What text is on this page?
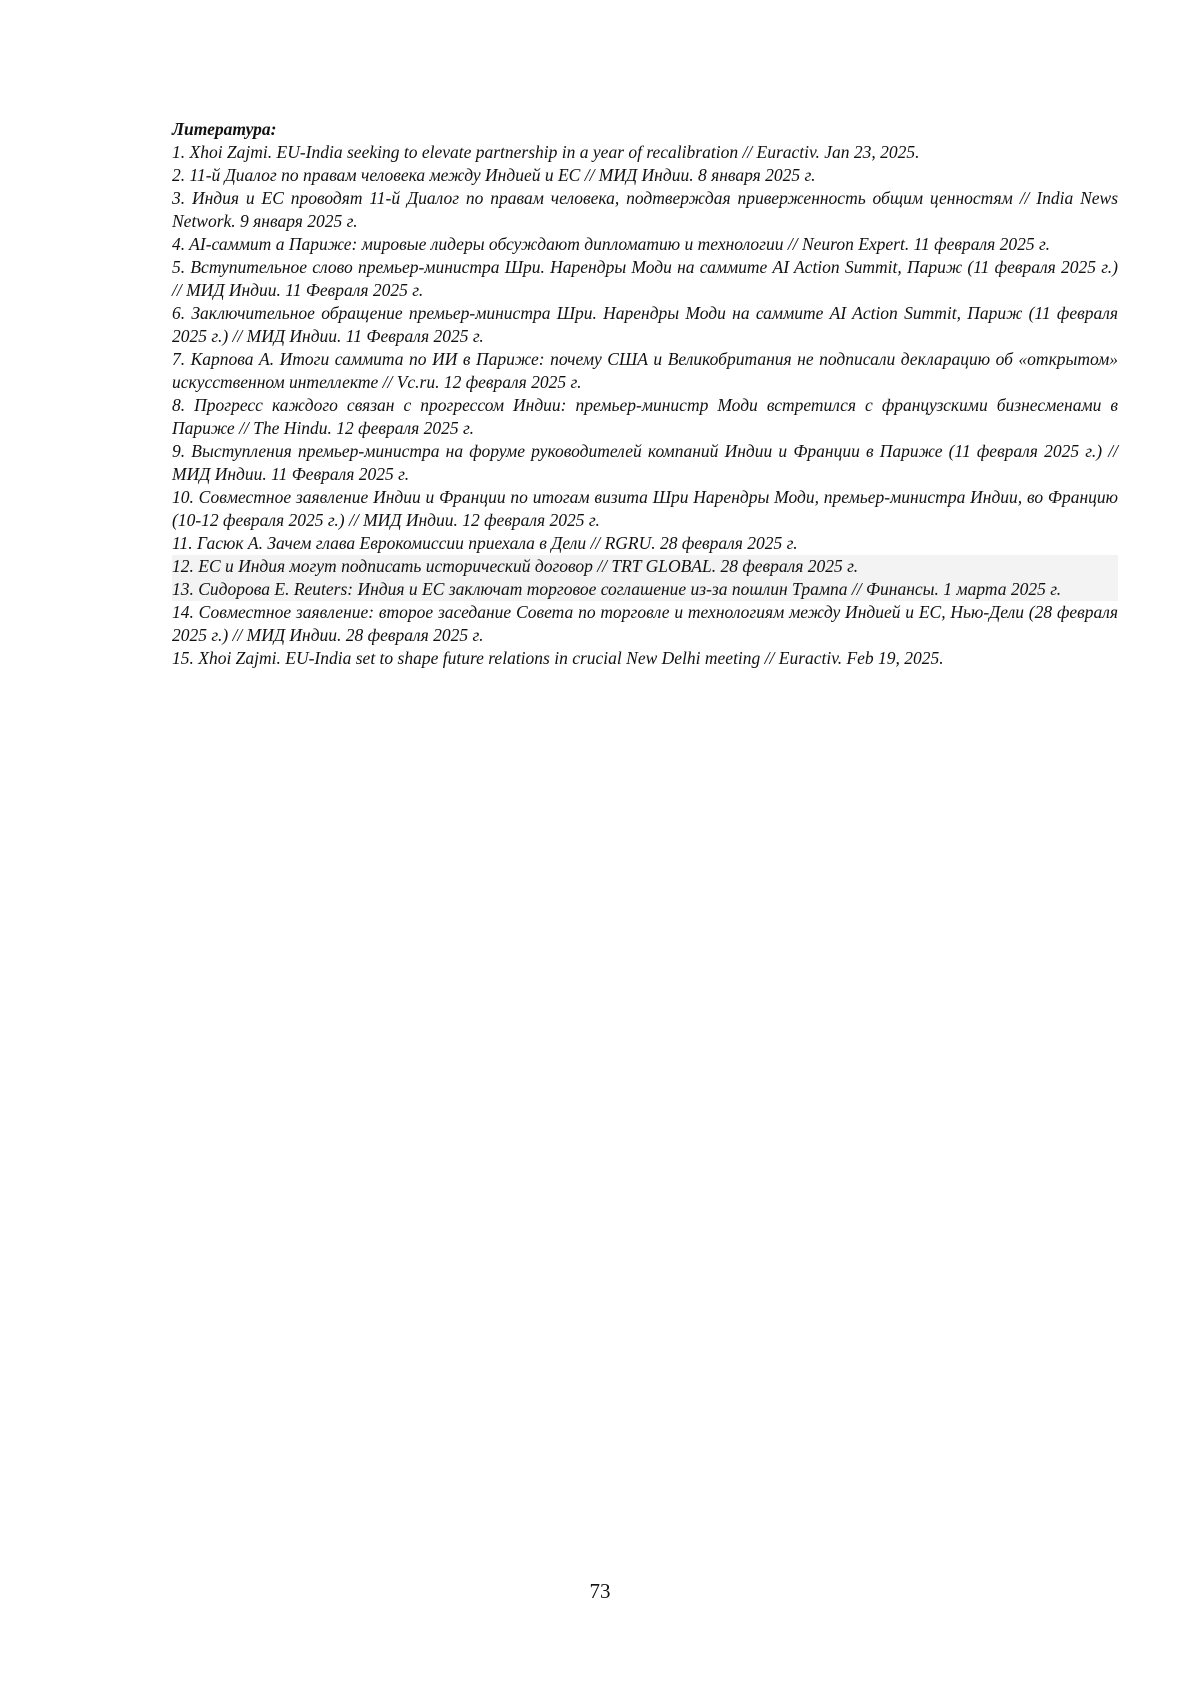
Литература:

1. Xhoi Zajmi. EU-India seeking to elevate partnership in a year of recalibration // Euractiv. Jan 23, 2025.
2. 11-й Диалог по правам человека между Индией и ЕС // МИД Индии. 8 января 2025 г.
3. Индия и ЕС проводят 11-й Диалог по правам человека, подтверждая приверженность общим ценностям // India News Network. 9 января 2025 г.
4. AI-саммит а Париже: мировые лидеры обсуждают дипломатию и технологии // Neuron Expert. 11 февраля 2025 г.
5. Вступительное слово премьер-министра Шри. Нарендры Моди на саммите AI Action Summit, Париж (11 февраля 2025 г.) // МИД Индии. 11 Февраля 2025 г.
6. Заключительное обращение премьер-министра Шри. Нарендры Моди на саммите AI Action Summit, Париж (11 февраля 2025 г.) // МИД Индии. 11 Февраля 2025 г.
7. Карпова А. Итоги саммита по ИИ в Париже: почему США и Великобритания не подписали декларацию об «открытом» искусственном интеллекте // Vc.ru. 12 февраля 2025 г.
8. Прогресс каждого связан с прогрессом Индии: премьер-министр Моди встретился с французскими бизнесменами в Париже // The Hindu. 12 февраля 2025 г.
9. Выступления премьер-министра на форуме руководителей компаний Индии и Франции в Париже (11 февраля 2025 г.) // МИД Индии. 11 Февраля 2025 г.
10. Совместное заявление Индии и Франции по итогам визита Шри Нарендры Моди, премьер-министра Индии, во Францию (10-12 февраля 2025 г.) // МИД Индии. 12 февраля 2025 г.
11. Гасюк А. Зачем глава Еврокомиссии приехала в Дели // RGRU. 28 февраля 2025 г.
12. ЕС и Индия могут подписать исторический договор // TRT GLOBAL. 28 февраля 2025 г.
13. Сидорова Е. Reuters: Индия и ЕС заключат торговое соглашение из-за пошлин Трампа // Финансы. 1 марта 2025 г.
14. Совместное заявление: второе заседание Совета по торговле и технологиям между Индией и ЕС, Нью-Дели (28 февраля 2025 г.) // МИД Индии. 28 февраля 2025 г.
15. Xhoi Zajmi. EU-India set to shape future relations in crucial New Delhi meeting // Euractiv. Feb 19, 2025.
73
